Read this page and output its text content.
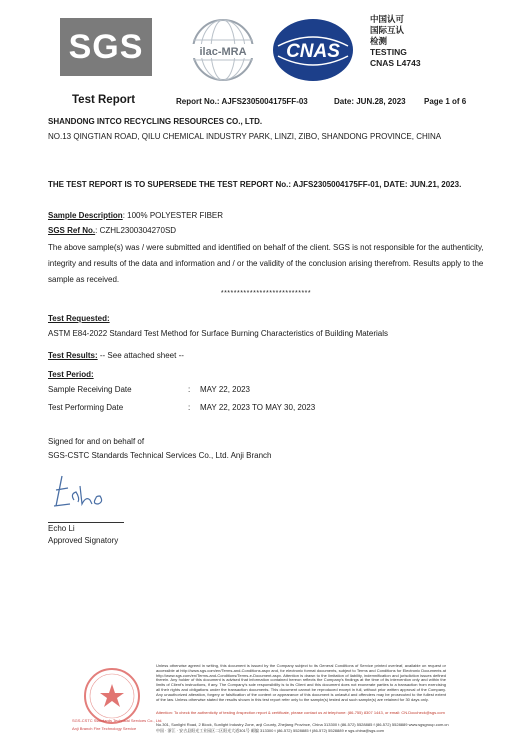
SGS	ilac-MRA CNAS
中国认可
国际互认
检测
TESTING
CNAS L4743
Test Report	Report No.: AJFS2305004175FF-03	Date: JUN.28, 2023 Page 1 of 6
SHANDONG INTCO RECYCLING RESOURCES CO., LTD.
NO.13 QINGTIAN ROAD, QILU CHEMICAL INDUSTRY PARK, LINZI, ZIBO, SHANDONG PROVINCE, CHINA
THE TEST REPORT IS TO SUPERSEDE THE TEST REPORT No.: AJFS2305004175FF-01, DATE: JUN.21, 2023.
Sample Description: 100% POLYESTER FIBER
SGS Ref No.: CZHL2300304270SD
The above sample(s) was / were submitted and identified on behalf of the client. SGS is not responsible for the authenticity, integrity and results of the data and information and / or the validity of the conclusion arising therefrom. Results apply to the sample as received.
****************************
Test Requested:
ASTM E84-2022 Standard Test Method for Surface Burning Characteristics of Building Materials
Test Results: -- See attached sheet --
Test Period:
Sample Receiving Date	: MAY 22, 2023
Test Performing Date	: MAY 22, 2023 TO MAY 30, 2023
Signed for and on behalf of
SGS-CSTC Standards Technical Services Co., Ltd. Anji Branch
Echo Li
Approved Signatory
SGS-CSTC Standards Technical Services Co., Ltd.
Anji Branch Fire Technology Service
Unless otherwise agreed in writing, this document is issued by the Company subject to its General Conditions of Service printed overleaf, available on request or accessible at http://www.sgs.com/en/Terms-and-Conditions.aspx and, for electronic format documents, subject to Terms and Conditions for Electronic Documents at http://www.sgs.com/en/Terms-and-Conditions/Terms-e-Document.aspx. Attention is drawn to the limitation of liability, indemnification and jurisdiction issues defined therein. Any holder of this document is advised that information contained hereon reflects the Company's findings at the time of its intervention only and within the limits of Client's instructions, if any. The Company's sole responsibility is to its Client and this document does not exonerate parties to a transaction from exercising all their rights and obligations under the transaction documents. This document cannot be reproduced except in full, without prior written approval of the Company. Any unauthorized alteration, forgery or falsification of the content or appearance of this document is unlawful and offenders may be prosecuted to the fullest extent of the law. Unless otherwise stated the results shown in this test report refer only to the sample(s) tested and such sample(s) are retained for 30 days only.
Attention: To check the authenticity of testing /inspection report & certificate, please contact us at telephone: (86-755) 8307 1443, or email: CN.Doccheck@sgs.com
No.301, Sunlight Road, 2 Block, Sunlight Industry Zone, anji County, Zhejiang Province, China 313300 t (86-572) 5528885 f (86-572) 5528889 www.sgsgroup.com.cn
中国 · 浙江 · 安吉县阳光工业园区二区阳光大道301号 邮编 313300 t (86-572) 5528885 f (86-572) 5528889 e sgs.china@sgs.com
